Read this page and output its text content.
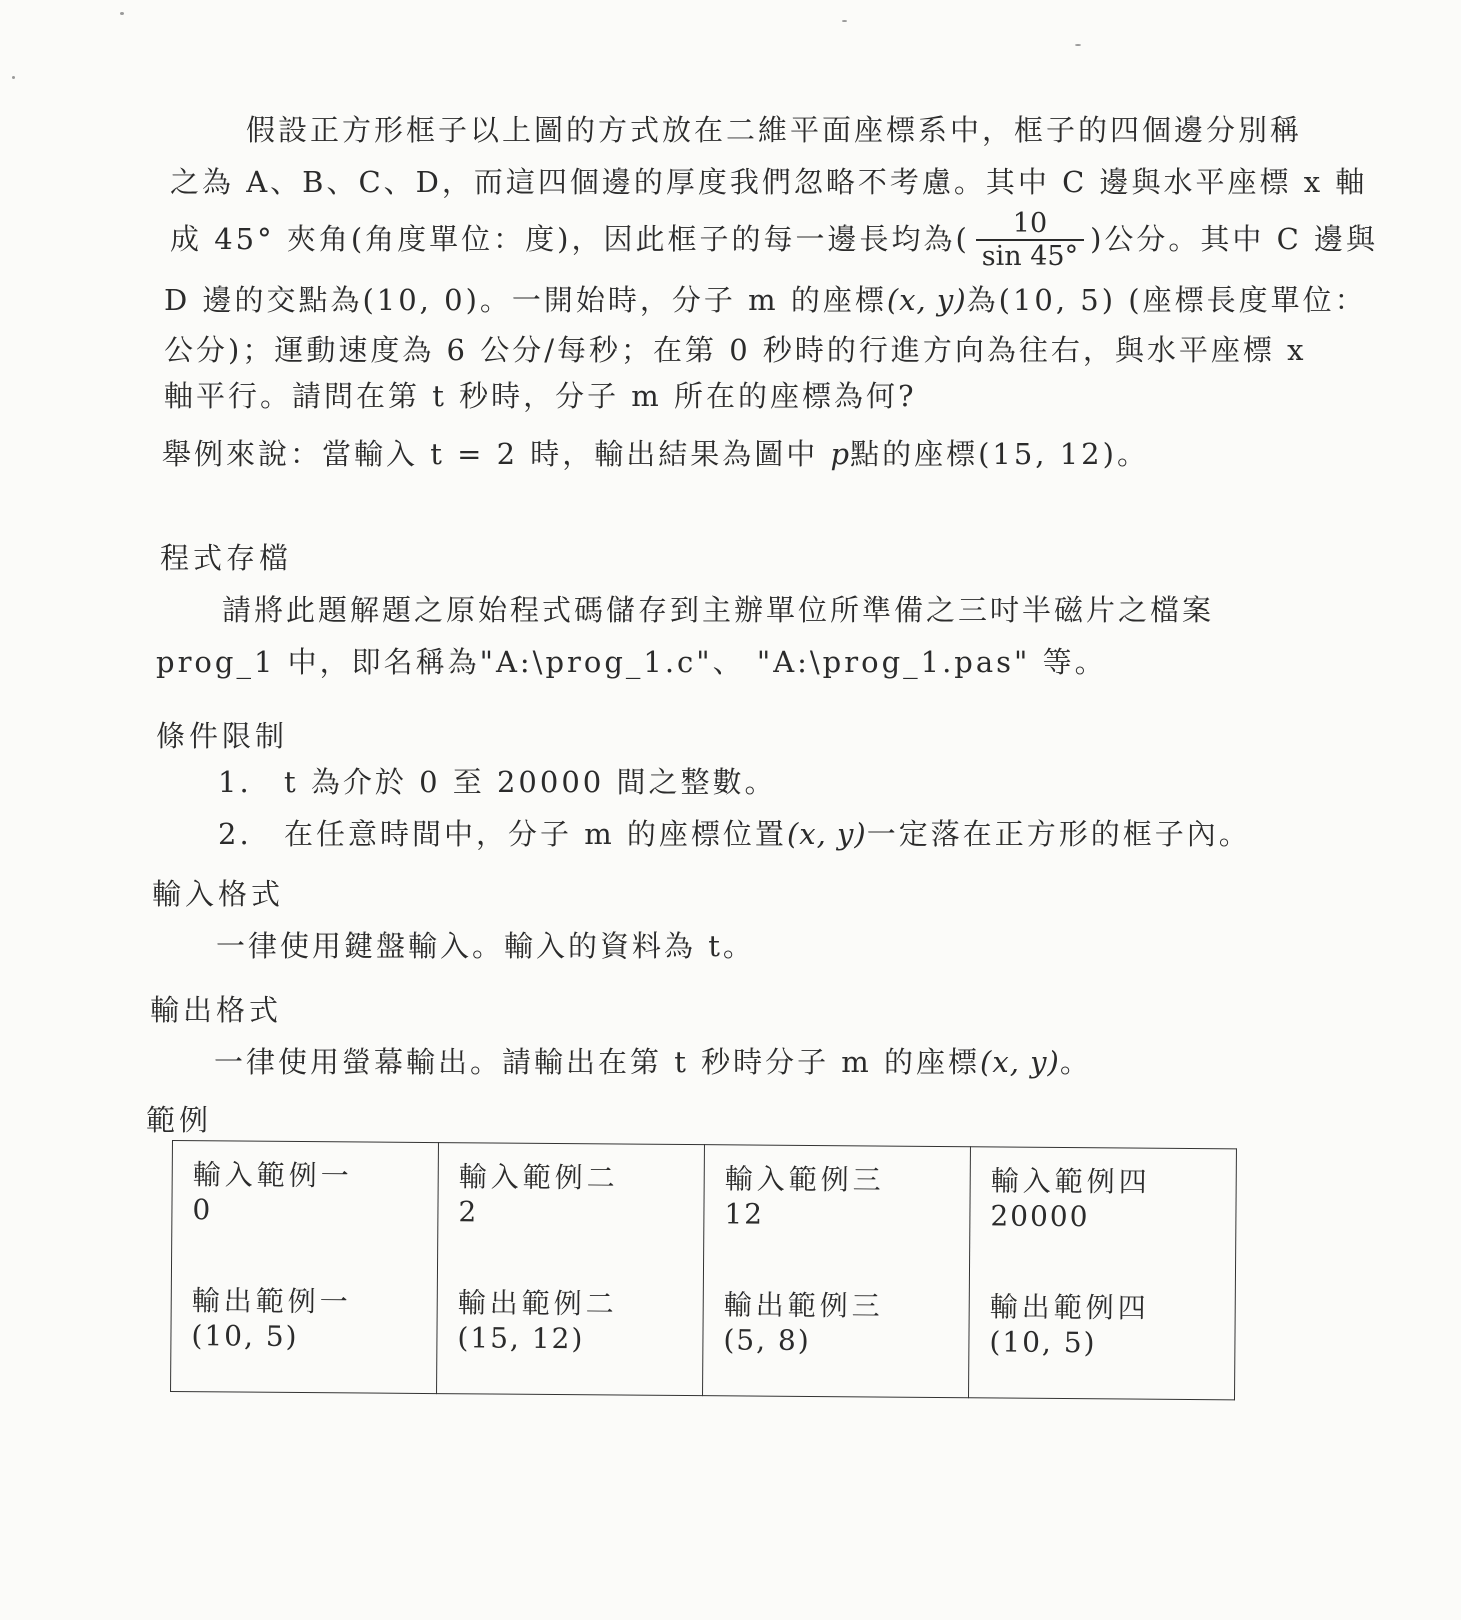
假設正方形框子以上圖的方式放在二維平面座標系中，框子的四個邊分別稱
之為 A、B、C、D，而這四個邊的厚度我們忽略不考慮。其中 C 邊與水平座標 x 軸
成 45° 夾角(角度單位：度)，因此框子的每一邊長均為( $\frac{10}{\sin 45^\circ}$ )公分。其中 C 邊與
D 邊的交點為(10, 0)。一開始時，分子 m 的座標(x, y)為(10, 5) (座標長度單位：
公分)；運動速度為 6 公分/每秒；在第 0 秒時的行進方向為往右，與水平座標 x
軸平行。請問在第 t 秒時，分子 m 所在的座標為何?
舉例來說：當輸入 t = 2 時，輸出結果為圖中 p點的座標(15, 12)。
程式存檔
請將此題解題之原始程式碼儲存到主辦單位所準備之三吋半磁片之檔案
prog_1 中，即名稱為"A:\prog_1.c"、 "A:\prog_1.pas" 等。
條件限制
1. t 為介於 0 至 20000 間之整數。
2. 在任意時間中，分子 m 的座標位置(x, y)一定落在正方形的框子內。
輸入格式
一律使用鍵盤輸入。輸入的資料為 t。
輸出格式
一律使用螢幕輸出。請輸出在第 t 秒時分子 m 的座標(x, y)。
範例
輸入範例一
0
輸出範例一
(10, 5)

輸入範例二
2
輸出範例二
(15, 12)

輸入範例三
12
輸出範例三
(5, 8)

輸入範例四
20000
輸出範例四
(10, 5)
